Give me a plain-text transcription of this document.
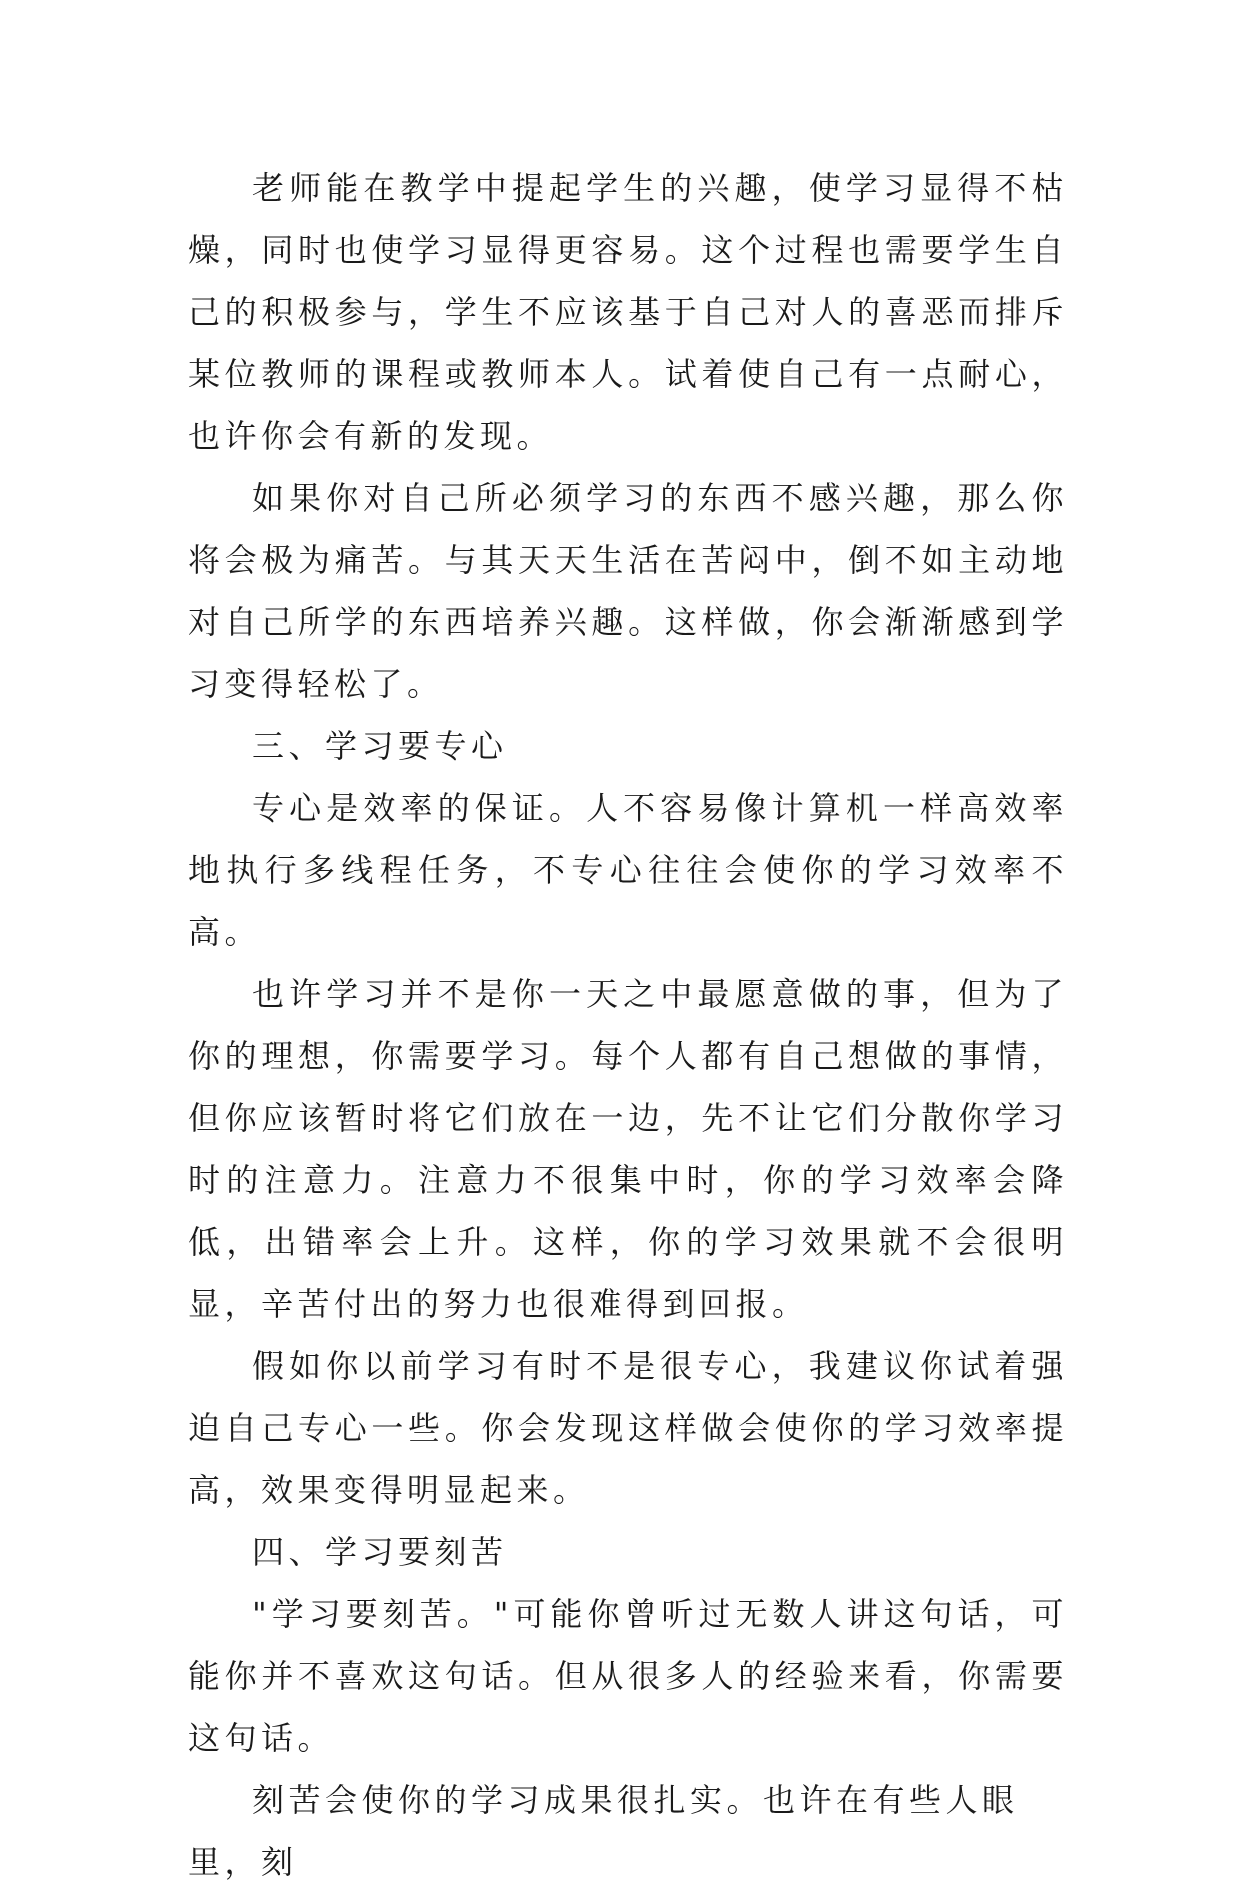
老师能在教学中提起学生的兴趣，使学习显得不枯燥，同时也使学习显得更容易。这个过程也需要学生自己的积极参与，学生不应该基于自己对人的喜恶而排斥某位教师的课程或教师本人。试着使自己有一点耐心，也许你会有新的发现。

如果你对自己所必须学习的东西不感兴趣，那么你将会极为痛苦。与其天天生活在苦闷中，倒不如主动地对自己所学的东西培养兴趣。这样做，你会渐渐感到学习变得轻松了。

三、学习要专心

专心是效率的保证。人不容易像计算机一样高效率地执行多线程任务，不专心往往会使你的学习效率不高。

也许学习并不是你一天之中最愿意做的事，但为了你的理想，你需要学习。每个人都有自己想做的事情，但你应该暂时将它们放在一边，先不让它们分散你学习时的注意力。注意力不很集中时，你的学习效率会降低，出错率会上升。这样，你的学习效果就不会很明显，辛苦付出的努力也很难得到回报。

假如你以前学习有时不是很专心，我建议你试着强迫自己专心一些。你会发现这样做会使你的学习效率提高，效果变得明显起来。

四、学习要刻苦

"学习要刻苦。"可能你曾听过无数人讲这句话，可能你并不喜欢这句话。但从很多人的经验来看，你需要这句话。

刻苦会使你的学习成果很扎实。也许在有些人眼里，刻
